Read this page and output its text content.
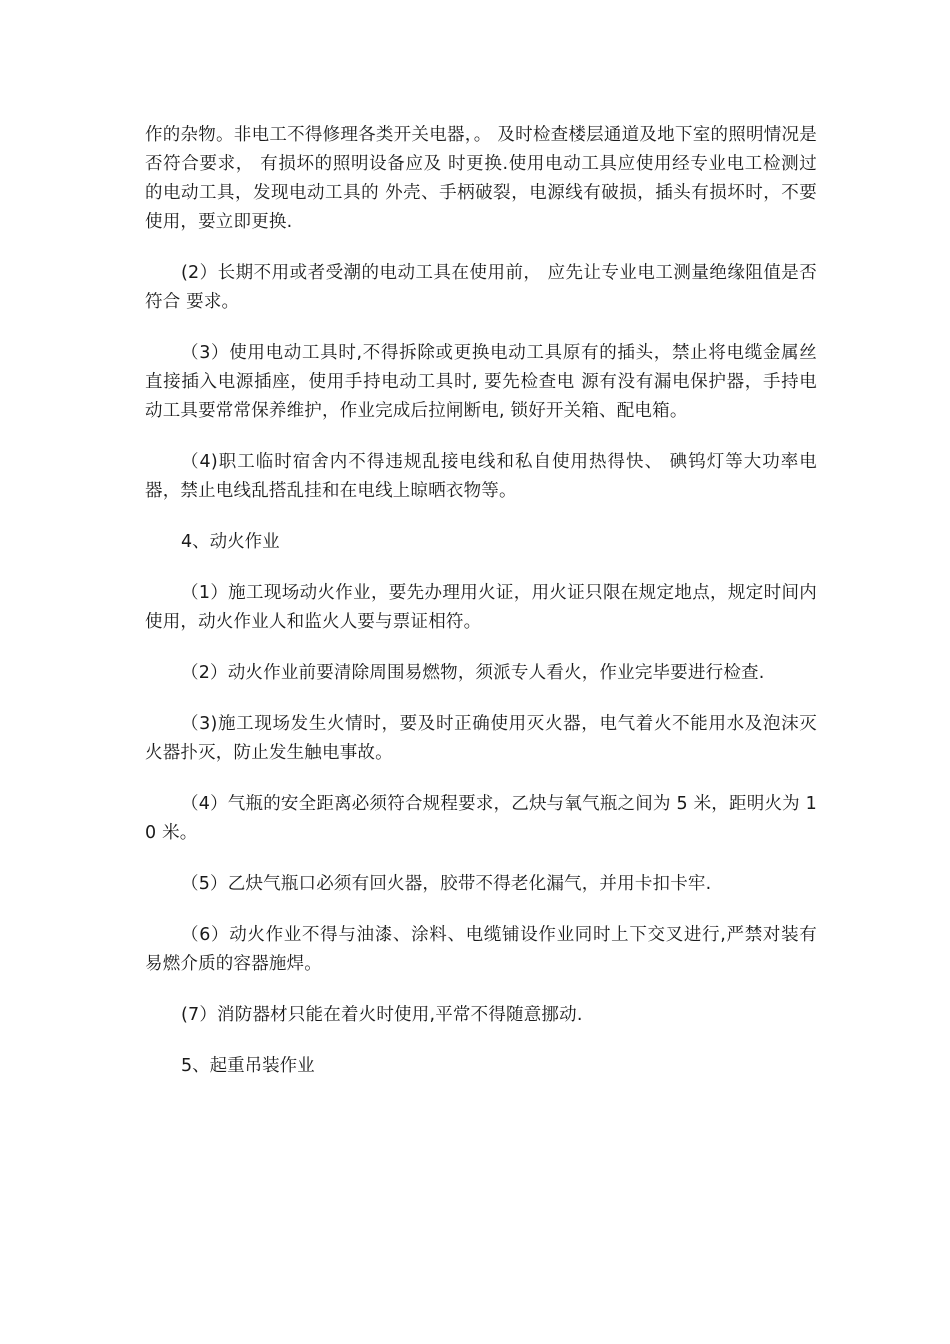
作的杂物。非电工不得修理各类开关电器，。 及时检查楼层通道及地下室的照明情况是否符合要求， 有损坏的照明设备应及 时更换.使用电动工具应使用经专业电工检测过的电动工具，发现电动工具的 外壳、手柄破裂，电源线有破损，插头有损坏时，不要使用，要立即更换.

(2）长期不用或者受潮的电动工具在使用前， 应先让专业电工测量绝缘阻值是否符合 要求。

（3）使用电动工具时,不得拆除或更换电动工具原有的插头，禁止将电缆金属丝直接插入电源插座，使用手持电动工具时, 要先检查电 源有没有漏电保护器，手持电动工具要常常保养维护，作业完成后拉闸断电, 锁好开关箱、配电箱。

（4)职工临时宿舍内不得违规乱接电线和私自使用热得快、 碘钨灯等大功率电 器，禁止电线乱搭乱挂和在电线上晾晒衣物等。

4、动火作业

（1）施工现场动火作业，要先办理用火证，用火证只限在规定地点，规定时间内使用，动火作业人和监火人要与票证相符。

（2）动火作业前要清除周围易燃物，须派专人看火，作业完毕要进行检查.

（3)施工现场发生火情时，要及时正确使用灭火器，电气着火不能用水及泡沫灭火器扑灭，防止发生触电事故。

（4）气瓶的安全距离必须符合规程要求，乙炔与氧气瓶之间为 5 米，距明火为 10 米。

（5）乙炔气瓶口必须有回火器，胶带不得老化漏气，并用卡扣卡牢.

（6）动火作业不得与油漆、涂料、电缆铺设作业同时上下交叉进行,严禁对装有易燃介质的容器施焊。

(7）消防器材只能在着火时使用,平常不得随意挪动.

5、起重吊装作业
